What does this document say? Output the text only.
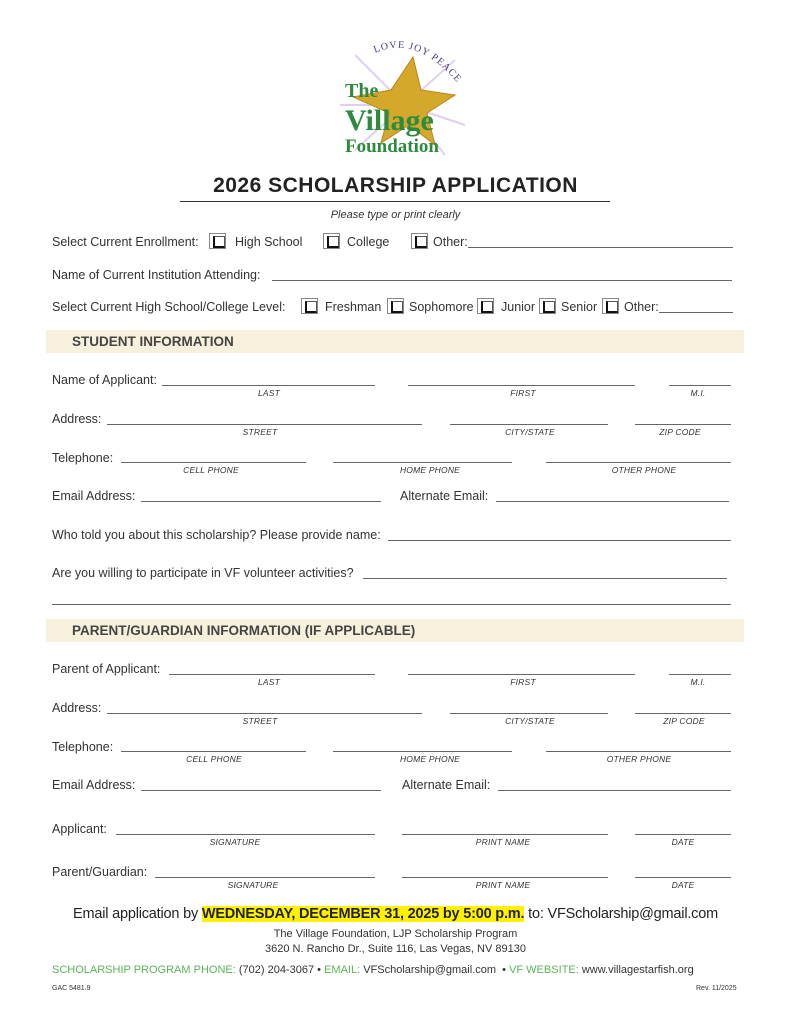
LOVE JOY PEACE
The
Village
Foundation
2026 SCHOLARSHIP APPLICATION
Please type or print clearly
Select Current Enrollment:	High School	College	Other:
Name of Current Institution Attending:
Select Current High School/College Level:	Freshman Sophomore Junior Senior Other:
STUDENT INFORMATION
Name of Applicant:
LAST	FIRST	M.I.
Address:
STREET	CITY/STATE	ZIP CODE
Telephone:
CELL PHONE	HOME PHONE	OTHER PHONE
Email Address:	Alternate Email:
Who told you about this scholarship? Please provide name:
Are you willing to participate in VF volunteer activities?
PARENT/GUARDIAN INFORMATION (IF APPLICABLE)
Parent of Applicant:
LAST	FIRST	M.I.
Address:
STREET	CITY/STATE	ZIP CODE
Telephone:
CELL PHONE	HOME PHONE	OTHER PHONE
Email Address:	Alternate Email:
Applicant:
SIGNATURE	PRINT NAME	DATE
Parent/Guardian:
SIGNATURE	PRINT NAME	DATE
Email application by WEDNESDAY, DECEMBER 31, 2025 by 5:00 p.m. to: VFScholarship@gmail.com
The Village Foundation, LJP Scholarship Program
3620 N. Rancho Dr., Suite 116, Las Vegas, NV 89130
SCHOLARSHIP PROGRAM PHONE: (702) 204-3067 • EMAIL: VFScholarship@gmail.com  • VF WEBSITE: www.villagestarfish.org
GAC 5481.9	Rev. 11/2025
